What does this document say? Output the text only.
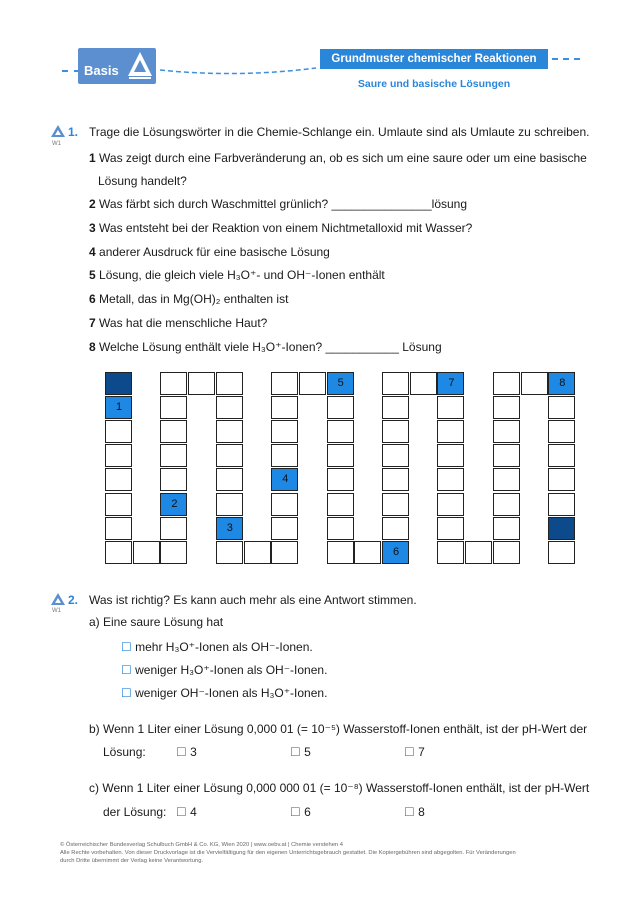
Basis
Grundmuster chemischer Reaktionen
Saure und basische Lösungen
W1
1. Trage die Lösungswörter in die Chemie-Schlange ein. Umlaute sind als Umlaute zu schreiben.
1 Was zeigt durch eine Farbveränderung an, ob es sich um eine saure oder um eine basische
Lösung handelt?
2 Was färbt sich durch Waschmittel grünlich? _______________lösung
3 Was entsteht bei der Reaktion von einem Nichtmetalloxid mit Wasser?
4 anderer Ausdruck für eine basische Lösung
5 Lösung, die gleich viele H₃O⁺- und OH⁻-Ionen enthält
6 Metall, das in Mg(OH)₂ enthalten ist
7 Was hat die menschliche Haut?
8 Welche Lösung enthält viele H₃O⁺-Ionen? ___________ Lösung
1
2
3
4
5
6
7	8
W1
2. Was ist richtig? Es kann auch mehr als eine Antwort stimmen.
a) Eine saure Lösung hat
☐ mehr H₃O⁺-Ionen als OH⁻-Ionen.
☐ weniger H₃O⁺-Ionen als OH⁻-Ionen.
☐ weniger OH⁻-Ionen als H₃O⁺-Ionen.
b) Wenn 1 Liter einer Lösung 0,000 01 (= 10⁻⁵) Wasserstoff-Ionen enthält, ist der pH-Wert der
Lösung:	☐ 3	☐ 5	☐ 7
c) Wenn 1 Liter einer Lösung 0,000 000 01 (= 10⁻⁸) Wasserstoff-Ionen enthält, ist der pH-Wert
der Lösung: ☐ 4	☐ 6	☐ 8
© Österreichischer Bundesverlag Schulbuch GmbH & Co. KG, Wien 2020 | www.oebv.at | Chemie verstehen 4
Alle Rechte vorbehalten. Von dieser Druckvorlage ist die Vervielfältigung für den eigenen Unterrichtsgebrauch gestattet. Die Kopiergebühren sind abgegolten. Für Veränderungen
durch Dritte übernimmt der Verlag keine Verantwortung.
